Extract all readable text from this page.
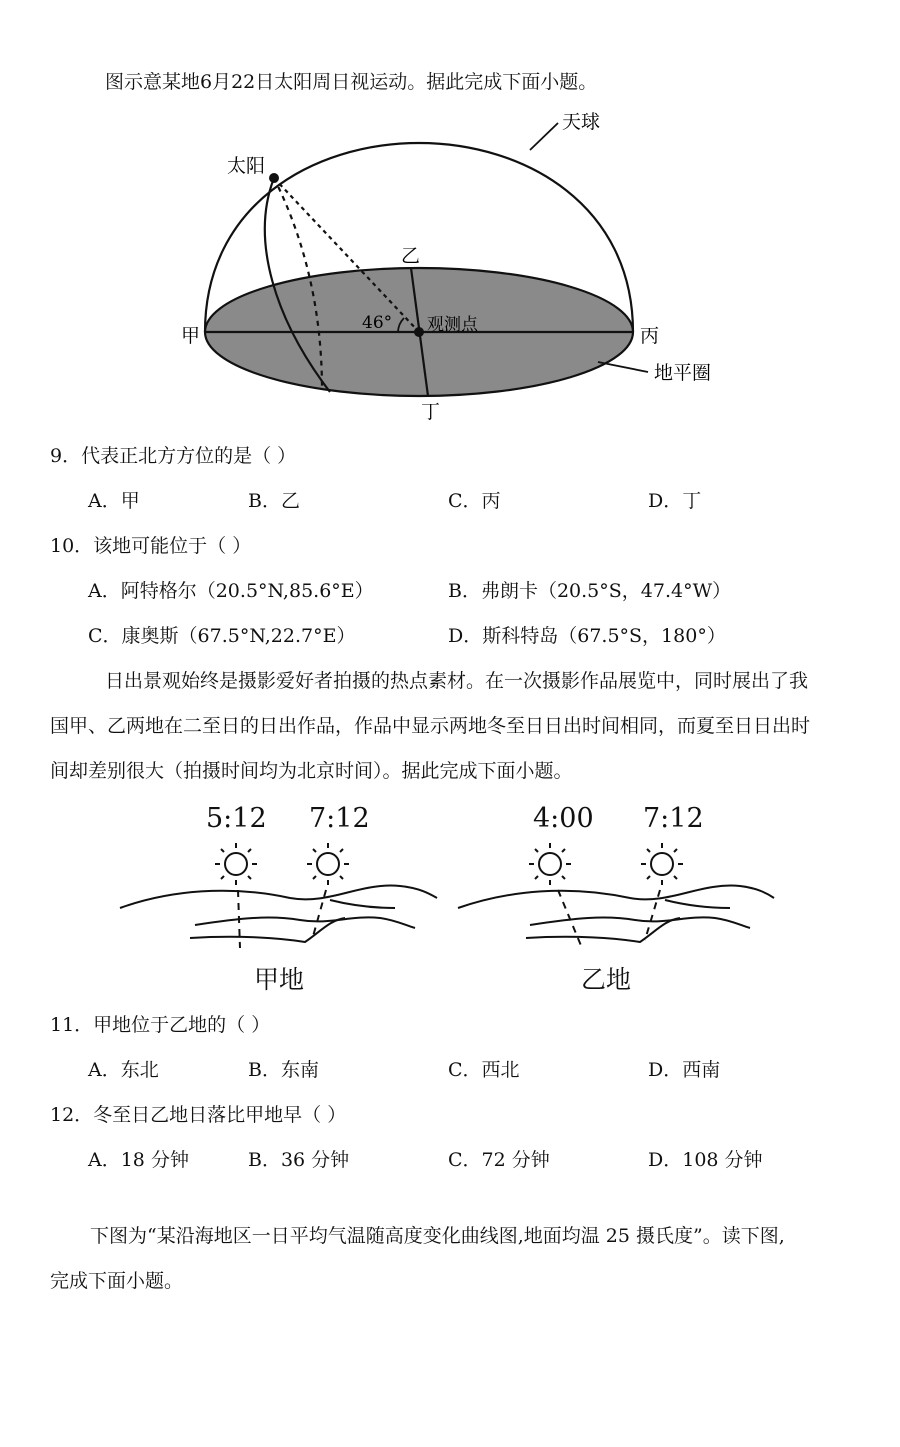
图示意某地6月22日太阳周日视运动。据此完成下面小题。
天球
太阳
乙
甲	丙
丁
46° 观测点
地平圈
9．代表正北方方位的是（ ）
A．甲	B．乙	C．丙	D．丁
10．该地可能位于（ ）
A．阿特格尔（20.5°N,85.6°E）	B．弗朗卡（20.5°S，47.4°W）
C．康奥斯（67.5°N,22.7°E）	D．斯科特岛（67.5°S，180°）
日出景观始终是摄影爱好者拍摄的热点素材。在一次摄影作品展览中，同时展出了我
国甲、乙两地在二至日的日出作品，作品中显示两地冬至日日出时间相同，而夏至日日出时
间却差别很大（拍摄时间均为北京时间）。据此完成下面小题。
5:12 7:12
甲地
4:00 7:12
乙地
11．甲地位于乙地的（ ）
A．东北	B．东南	C．西北	D．西南
12．冬至日乙地日落比甲地早（ ）
A．18 分钟	B．36 分钟	C．72 分钟	D．108 分钟
下图为“某沿海地区一日平均气温随高度变化曲线图,地面均温 25 摄氏度”。读下图,
完成下面小题。
